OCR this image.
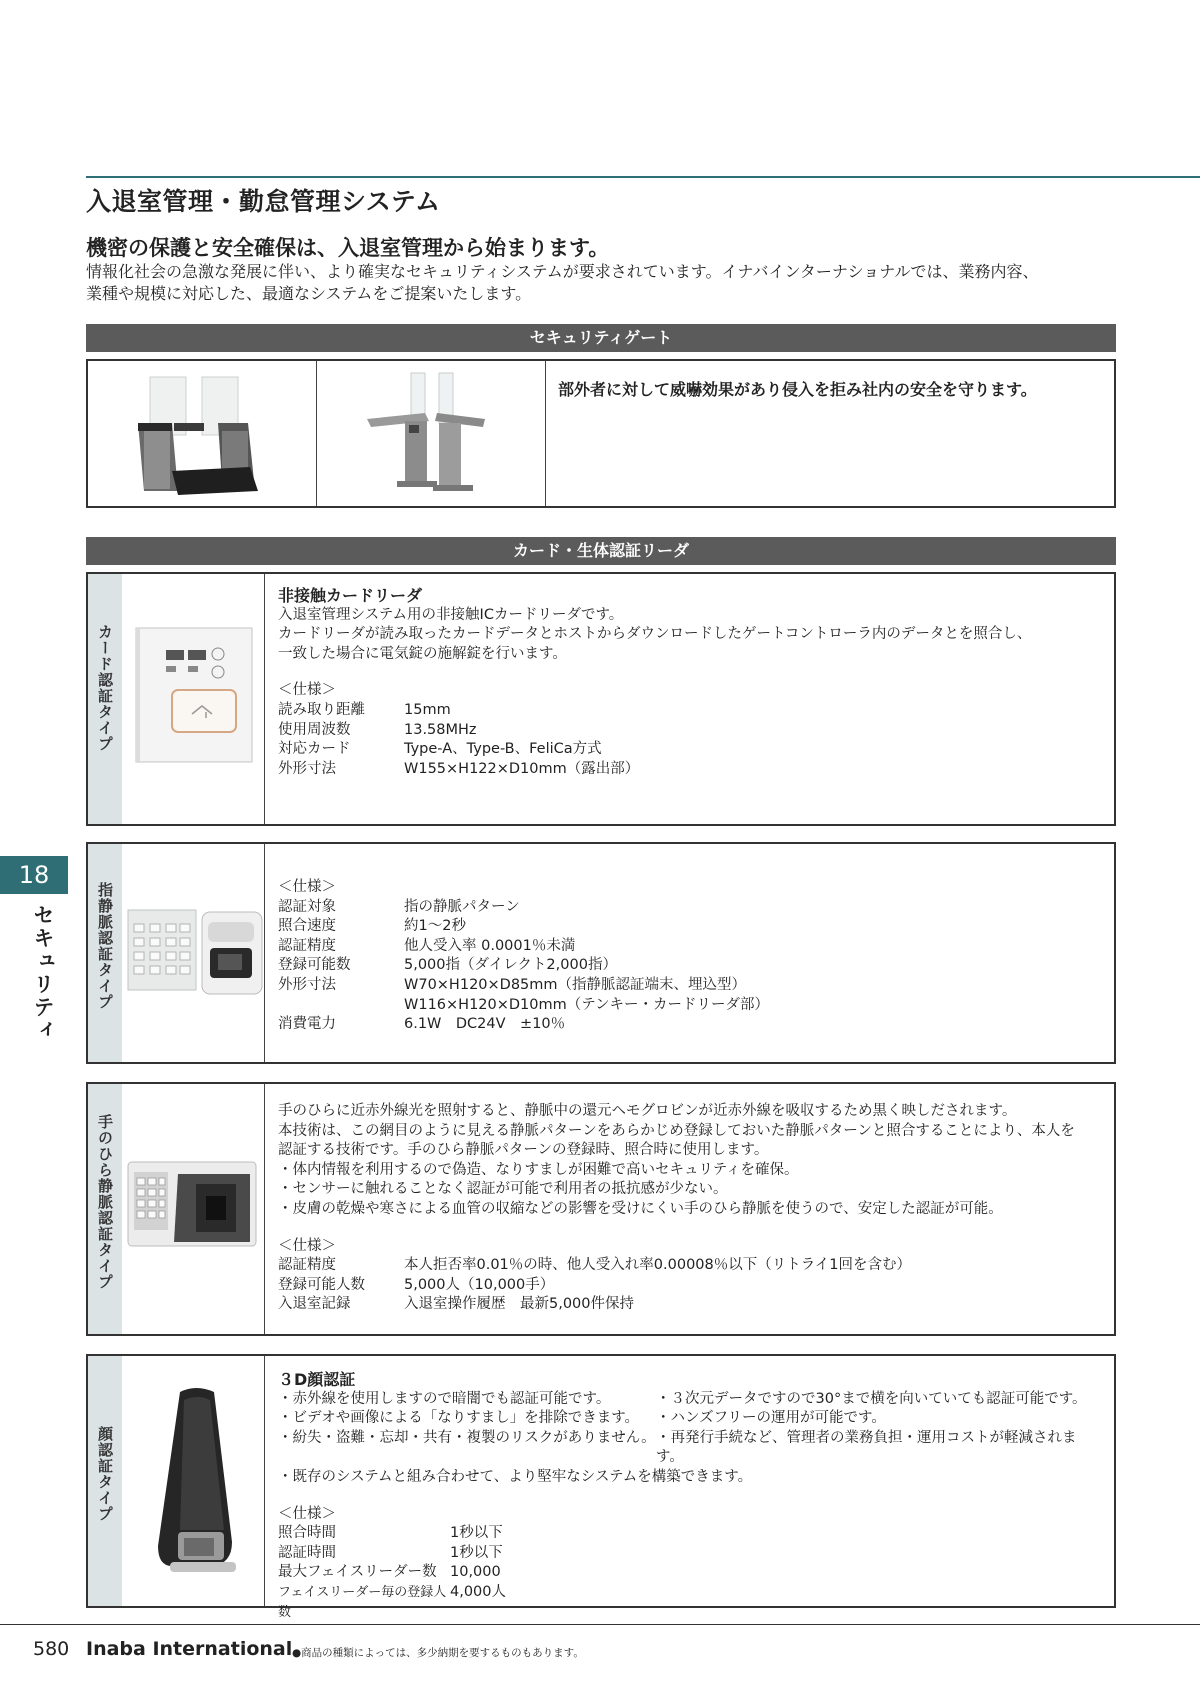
入退室管理・勤怠管理システム
機密の保護と安全確保は、入退室管理から始まります。
情報化社会の急激な発展に伴い、より確実なセキュリティシステムが要求されています。イナバインターナショナルでは、業務内容、
業種や規模に対応した、最適なシステムをご提案いたします。
セキュリティゲート
部外者に対して威嚇効果があり侵入を拒み社内の安全を守ります。
カード・生体認証リーダ
カード認証タイプ
非接触カードリーダ
入退室管理システム用の非接触ICカードリーダです。
カードリーダが読み取ったカードデータとホストからダウンロードしたゲートコントローラ内のデータとを照合し、
一致した場合に電気錠の施解錠を行います。
＜仕様＞
読み取り距離	15mm
使用周波数	13.58MHz
対応カード	Type-A、Type-B、FeliCa方式
外形寸法	W155×H122×D10mm（露出部）
指静脈認証タイプ	＜仕様＞
認証対象	指の静脈パターン
照合速度	約1～2秒
認証精度	他人受入率 0.0001％未満
登録可能数	5,000指（ダイレクト2,000指）
外形寸法	W70×H120×D85mm（指静脈認証端末、埋込型）
W116×H120×D10mm（テンキー・カードリーダ部）
消費電力	6.1W　DC24V　±10％
手のひら静脈認証タイプ
手のひらに近赤外線光を照射すると、静脈中の還元ヘモグロビンが近赤外線を吸収するため黒く映しだされます。
本技術は、この網目のように見える静脈パターンをあらかじめ登録しておいた静脈パターンと照合することにより、本人を
認証する技術です。手のひら静脈パターンの登録時、照合時に使用します。
・体内情報を利用するので偽造、なりすましが困難で高いセキュリティを確保。
・センサーに触れることなく認証が可能で利用者の抵抗感が少ない。
・皮膚の乾燥や寒さによる血管の収縮などの影響を受けにくい手のひら静脈を使うので、安定した認証が可能。
＜仕様＞
認証精度	本人拒否率0.01％の時、他人受入れ率0.00008％以下（リトライ1回を含む）
登録可能人数	5,000人（10,000手）
入退室記録	入退室操作履歴　最新5,000件保持
顔認証タイプ
３D顔認証
・赤外線を使用しますので暗闇でも認証可能です。	・３次元データですので30°まで横を向いていても認証可能です。
・ビデオや画像による「なりすまし」を排除できます。	・ハンズフリーの運用が可能です。
・紛失・盗難・忘却・共有・複製のリスクがありません。 ・再発行手続など、管理者の業務負担・運用コストが軽減されます。
・既存のシステムと組み合わせて、より堅牢なシステムを構築できます。
＜仕様＞
照合時間	1秒以下
認証時間	1秒以下
最大フェイスリーダー数 10,000
フェイスリーダー毎の登録人数
4,000人
18
セキュリティ
580 Inaba International ●商品の種類によっては、多少納期を要するものもあります。
